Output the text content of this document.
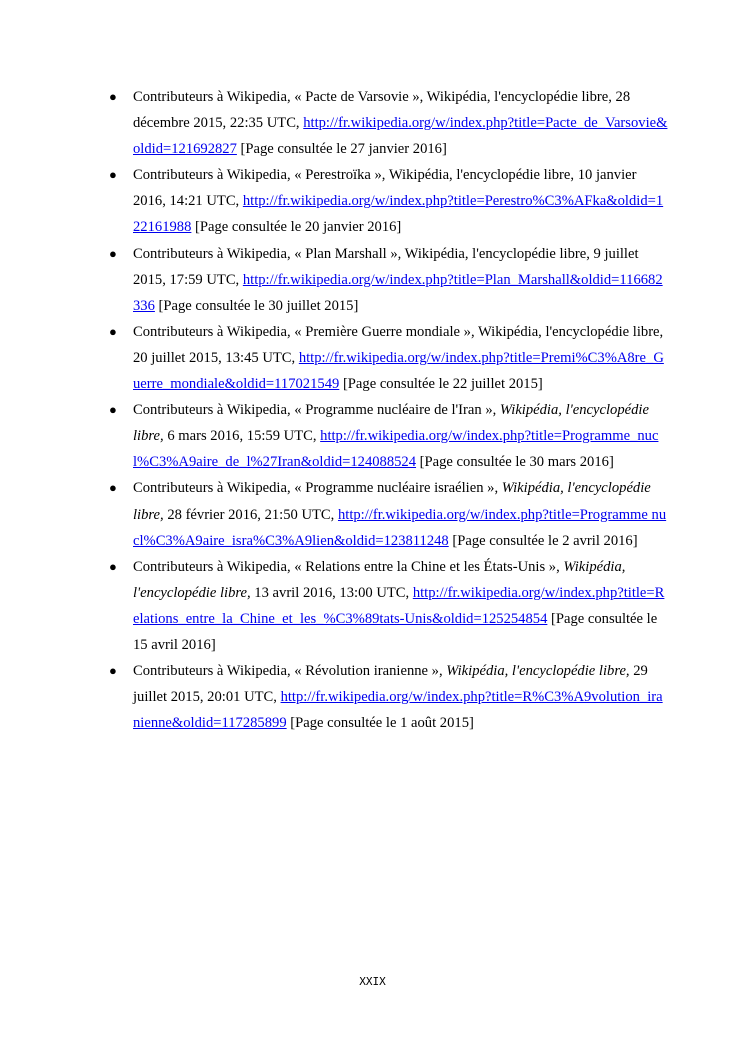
● Contributeurs à Wikipedia, « Pacte de Varsovie », Wikipédia, l'encyclopédie libre, 28 décembre 2015, 22:35 UTC, http://fr.wikipedia.org/w/index.php?title=Pacte_de_Varsovie&oldid=121692827 [Page consultée le 27 janvier 2016]
● Contributeurs à Wikipedia, « Perestroïka », Wikipédia, l'encyclopédie libre, 10 janvier 2016, 14:21 UTC, http://fr.wikipedia.org/w/index.php?title=Perestro%C3%AFka&oldid=122161988 [Page consultée le 20 janvier 2016]
● Contributeurs à Wikipedia, « Plan Marshall », Wikipédia, l'encyclopédie libre, 9 juillet 2015, 17:59 UTC, http://fr.wikipedia.org/w/index.php?title=Plan_Marshall&oldid=116682336 [Page consultée le 30 juillet 2015]
● Contributeurs à Wikipedia, « Première Guerre mondiale », Wikipédia, l'encyclopédie libre, 20 juillet 2015, 13:45 UTC, http://fr.wikipedia.org/w/index.php?title=Premi%C3%A8re_Guerre_mondiale&oldid=117021549 [Page consultée le 22 juillet 2015]
● Contributeurs à Wikipedia, « Programme nucléaire de l'Iran », Wikipédia, l'encyclopédie libre, 6 mars 2016, 15:59 UTC, http://fr.wikipedia.org/w/index.php?title=Programme_nucl%C3%A9aire_de_l%27Iran&oldid=124088524 [Page consultée le 30 mars 2016]
● Contributeurs à Wikipedia, « Programme nucléaire israélien », Wikipédia, l'encyclopédie libre, 28 février 2016, 21:50 UTC, http://fr.wikipedia.org/w/index.php?title=Programme nucl%C3%A9aire_isra%C3%A9lien&oldid=123811248 [Page consultée le 2 avril 2016]
● Contributeurs à Wikipedia, « Relations entre la Chine et les États-Unis », Wikipédia, l'encyclopédie libre, 13 avril 2016, 13:00 UTC, http://fr.wikipedia.org/w/index.php?title=Relations_entre_la_Chine_et_les_%C3%89tats-Unis&oldid=125254854 [Page consultée le 15 avril 2016]
● Contributeurs à Wikipedia, « Révolution iranienne », Wikipédia, l'encyclopédie libre, 29 juillet 2015, 20:01 UTC, http://fr.wikipedia.org/w/index.php?title=R%C3%A9volution_iranienne&oldid=117285899 [Page consultée le 1 août 2015]
XXIX
